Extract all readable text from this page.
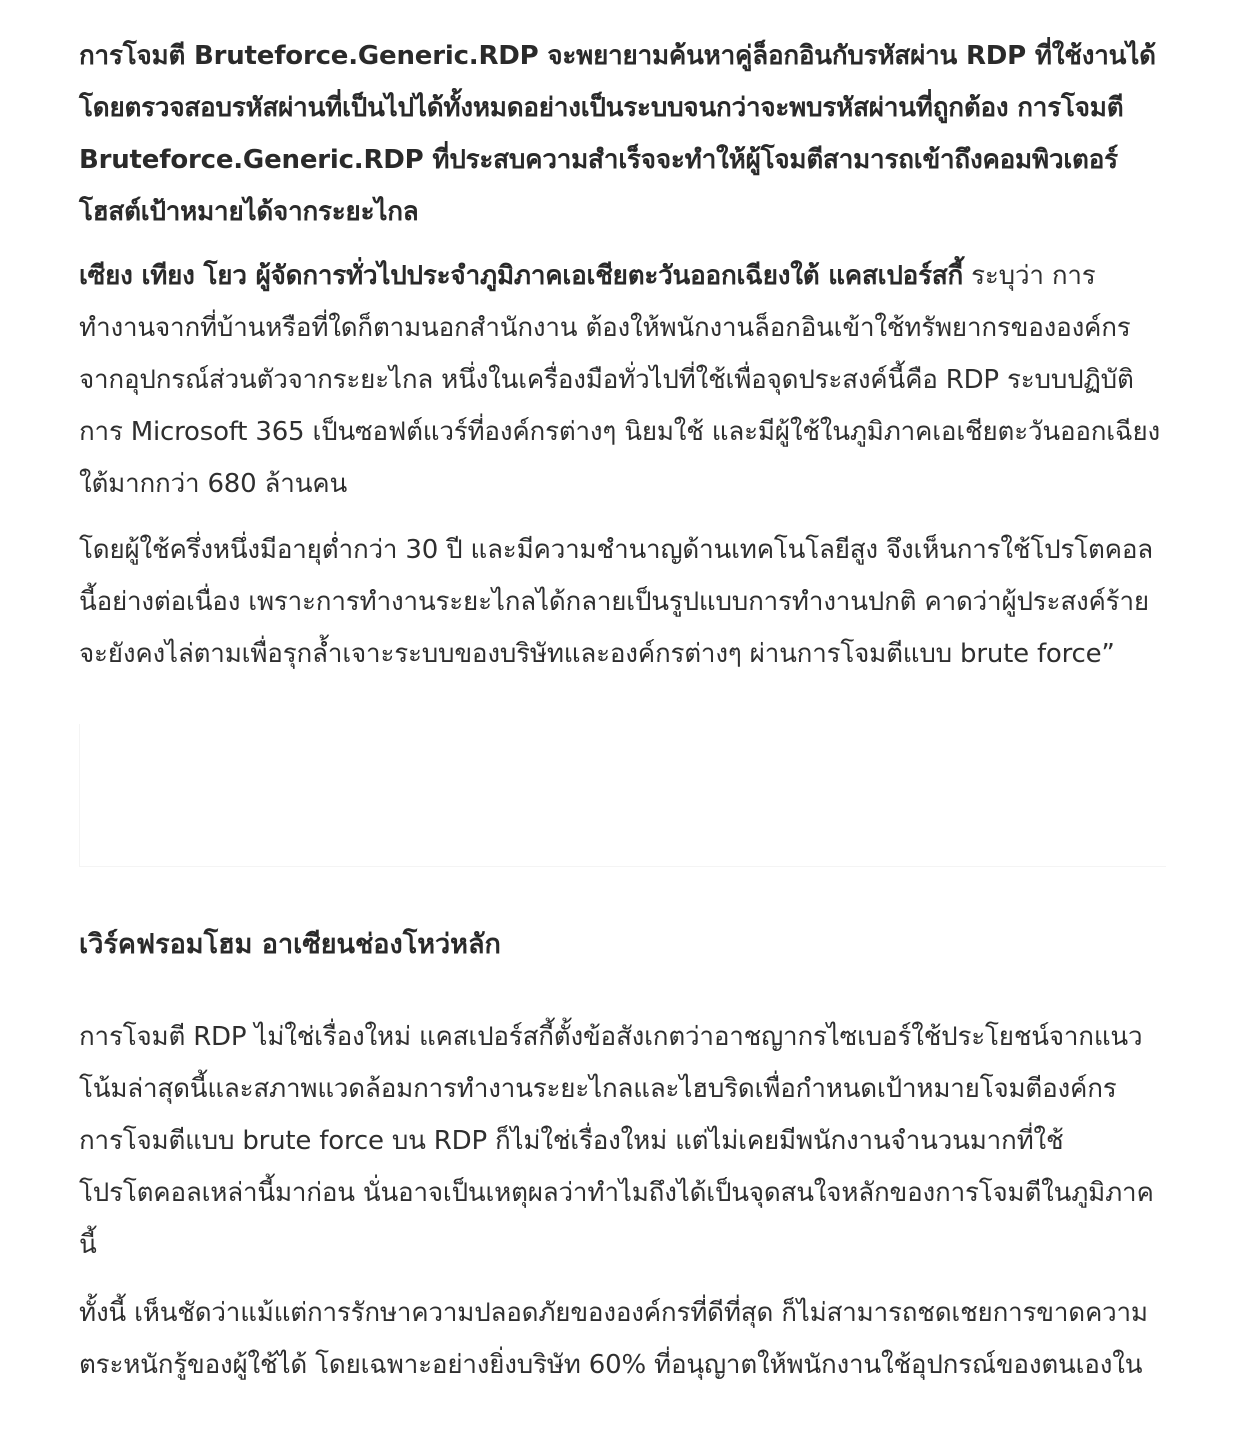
การโจมตี Bruteforce.Generic.RDP จะพยายามค้นหาคู่ล็อกอินกับรหัสผ่าน RDP ที่ใช้งานได้ โดยตรวจสอบรหัสผ่านที่เป็นไปได้ทั้งหมดอย่างเป็นระบบจนกว่าจะพบรหัสผ่านที่ถูกต้อง การโจมตี Bruteforce.Generic.RDP ที่ประสบความสำเร็จจะทำให้ผู้โจมตีสามารถเข้าถึงคอมพิวเตอร์โฮสต์เป้าหมายได้จากระยะไกล

เซียง เทียง โยว ผู้จัดการทั่วไปประจำภูมิภาคเอเชียตะวันออกเฉียงใต้ แคสเปอร์สกี้ ระบุว่า การทำงานจากที่บ้านหรือที่ใดก็ตามนอกสำนักงาน ต้องให้พนักงานล็อกอินเข้าใช้ทรัพยากรขององค์กรจากอุปกรณ์ส่วนตัวจากระยะไกล หนึ่งในเครื่องมือทั่วไปที่ใช้เพื่อจุดประสงค์นี้คือ RDP ระบบปฏิบัติการ Microsoft 365 เป็นซอฟต์แวร์ที่องค์กรต่างๆ นิยมใช้ และมีผู้ใช้ในภูมิภาคเอเชียตะวันออกเฉียงใต้มากกว่า 680 ล้านคน

โดยผู้ใช้ครึ่งหนึ่งมีอายุต่ำกว่า 30 ปี และมีความชำนาญด้านเทคโนโลยีสูง จึงเห็นการใช้โปรโตคอลนี้อย่างต่อเนื่อง เพราะการทำงานระยะไกลได้กลายเป็นรูปแบบการทำงานปกติ คาดว่าผู้ประสงค์ร้ายจะยังคงไล่ตามเพื่อรุกล้ำเจาะระบบของบริษัทและองค์กรต่างๆ ผ่านการโจมตีแบบ brute force”

เวิร์คฟรอมโฮม อาเซียนช่องโหว่หลัก

การโจมตี RDP ไม่ใช่เรื่องใหม่ แคสเปอร์สกี้ตั้งข้อสังเกตว่าอาชญากรไซเบอร์ใช้ประโยชน์จากแนวโน้มล่าสุดนี้และสภาพแวดล้อมการทำงานระยะไกลและไฮบริดเพื่อกำหนดเป้าหมายโจมตีองค์กร การโจมตีแบบ brute force บน RDP ก็ไม่ใช่เรื่องใหม่ แต่ไม่เคยมีพนักงานจำนวนมากที่ใช้โปรโตคอลเหล่านี้มาก่อน นั่นอาจเป็นเหตุผลว่าทำไมถึงได้เป็นจุดสนใจหลักของการโจมตีในภูมิภาคนี้

ทั้งนี้ เห็นชัดว่าแม้แต่การรักษาความปลอดภัยขององค์กรที่ดีที่สุด ก็ไม่สามารถชดเชยการขาดความตระหนักรู้ของผู้ใช้ได้ โดยเฉพาะอย่างยิ่งบริษัท 60% ที่อนุญาตให้พนักงานใช้อุปกรณ์ของตนเองใน
